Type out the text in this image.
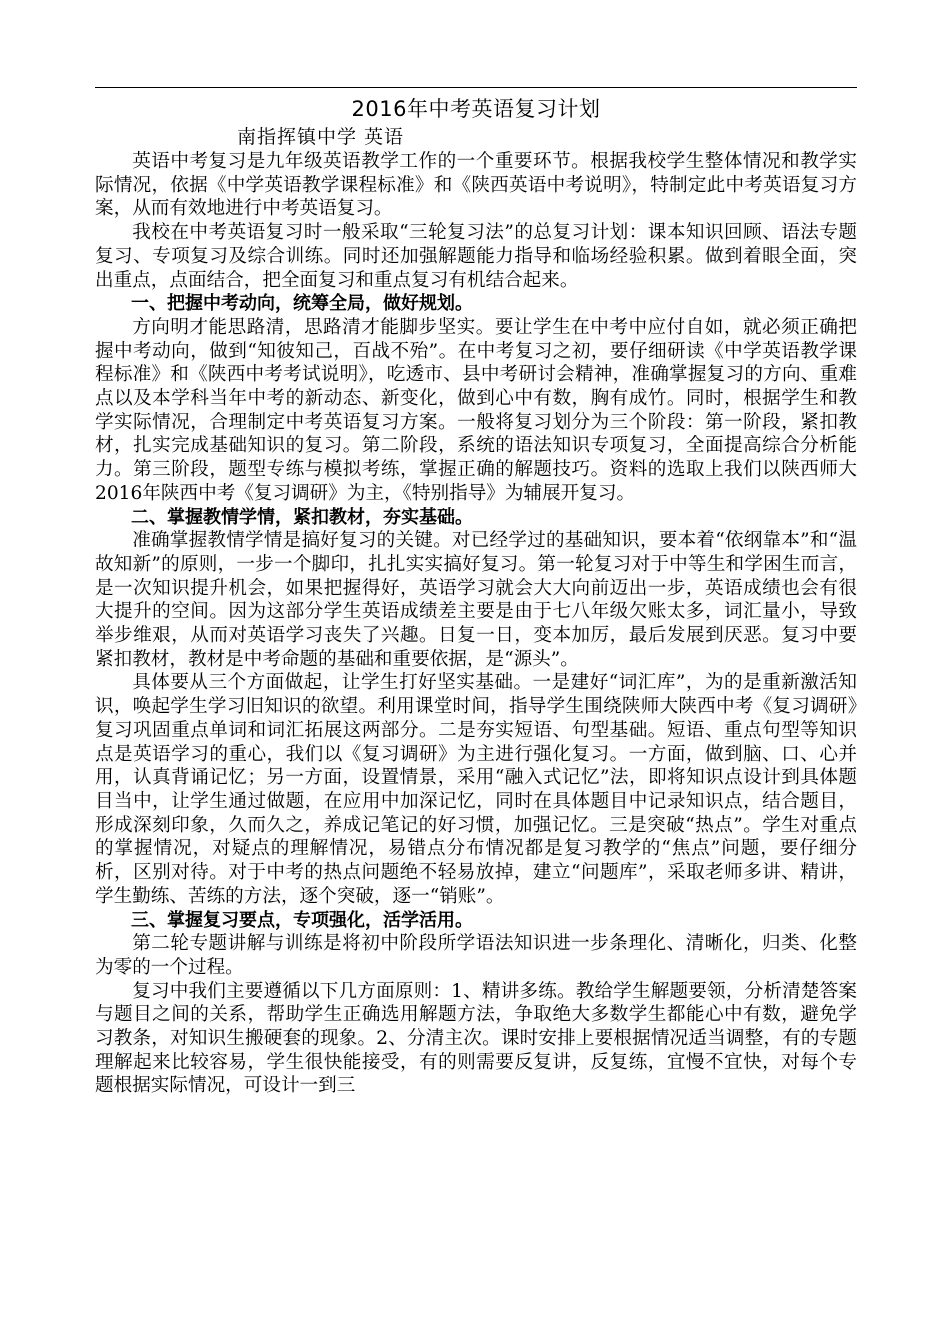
2016年中考英语复习计划
南指挥镇中学 英语

英语中考复习是九年级英语教学工作的一个重要环节。根据我校学生整体情况和教学实际情况，依据《中学英语教学课程标准》和《陕西英语中考说明》，特制定此中考英语复习方案，从而有效地进行中考英语复习。

我校在中考英语复习时一般采取“三轮复习法”的总复习计划：课本知识回顾、语法专题复习、专项复习及综合训练。同时还加强解题能力指导和临场经验积累。做到着眼全面，突出重点，点面结合，把全面复习和重点复习有机结合起来。

一、把握中考动向，统筹全局，做好规划。

方向明才能思路清，思路清才能脚步坚实。要让学生在中考中应付自如，就必须正确把握中考动向，做到“知彼知己，百战不殆”。在中考复习之初，要仔细研读《中学英语教学课程标准》和《陕西中考考试说明》，吃透市、县中考研讨会精神，准确掌握复习的方向、重难点以及本学科当年中考的新动态、新变化，做到心中有数，胸有成竹。同时，根据学生和教学实际情况，合理制定中考英语复习方案。一般将复习划分为三个阶段：第一阶段，紧扣教材，扎实完成基础知识的复习。第二阶段，系统的语法知识专项复习，全面提高综合分析能力。第三阶段，题型专练与模拟考练，掌握正确的解题技巧。资料的选取上我们以陕西师大2016年陕西中考《复习调研》为主，《特别指导》为辅展开复习。

二、掌握教情学情，紧扣教材，夯实基础。

准确掌握教情学情是搞好复习的关键。对已经学过的基础知识，要本着“依纲靠本”和“温故知新”的原则，一步一个脚印，扎扎实实搞好复习。第一轮复习对于中等生和学困生而言，是一次知识提升机会，如果把握得好，英语学习就会大大向前迈出一步，英语成绩也会有很大提升的空间。因为这部分学生英语成绩差主要是由于七八年级欠账太多，词汇量小，导致举步维艰，从而对英语学习丧失了兴趣。日复一日，变本加厉，最后发展到厌恶。复习中要紧扣教材，教材是中考命题的基础和重要依据，是“源头”。

具体要从三个方面做起，让学生打好坚实基础。一是建好“词汇库”，为的是重新激活知识，唤起学生学习旧知识的欲望。利用课堂时间，指导学生围绕陕师大陕西中考《复习调研》复习巩固重点单词和词汇拓展这两部分。二是夯实短语、句型基础。短语、重点句型等知识点是英语学习的重心，我们以《复习调研》为主进行强化复习。一方面，做到脑、口、心并用，认真背诵记忆；另一方面，设置情景，采用“融入式记忆”法，即将知识点设计到具体题目当中，让学生通过做题，在应用中加深记忆，同时在具体题目中记录知识点，结合题目，形成深刻印象，久而久之，养成记笔记的好习惯，加强记忆。三是突破“热点”。学生对重点的掌握情况，对疑点的理解情况，易错点分布情况都是复习教学的“焦点”问题，要仔细分析，区别对待。对于中考的热点问题绝不轻易放掉，建立“问题库”，采取老师多讲、精讲，学生勤练、苦练的方法，逐个突破，逐一“销账”。

三、掌握复习要点，专项强化，活学活用。

第二轮专题讲解与训练是将初中阶段所学语法知识进一步条理化、清晰化，归类、化整为零的一个过程。

复习中我们主要遵循以下几方面原则：1、精讲多练。教给学生解题要领，分析清楚答案与题目之间的关系，帮助学生正确选用解题方法，争取绝大多数学生都能心中有数，避免学习教条，对知识生搬硬套的现象。2、分清主次。课时安排上要根据情况适当调整，有的专题理解起来比较容易，学生很快能接受，有的则需要反复讲，反复练，宜慢不宜快，对每个专题根据实际情况，可设计一到三
